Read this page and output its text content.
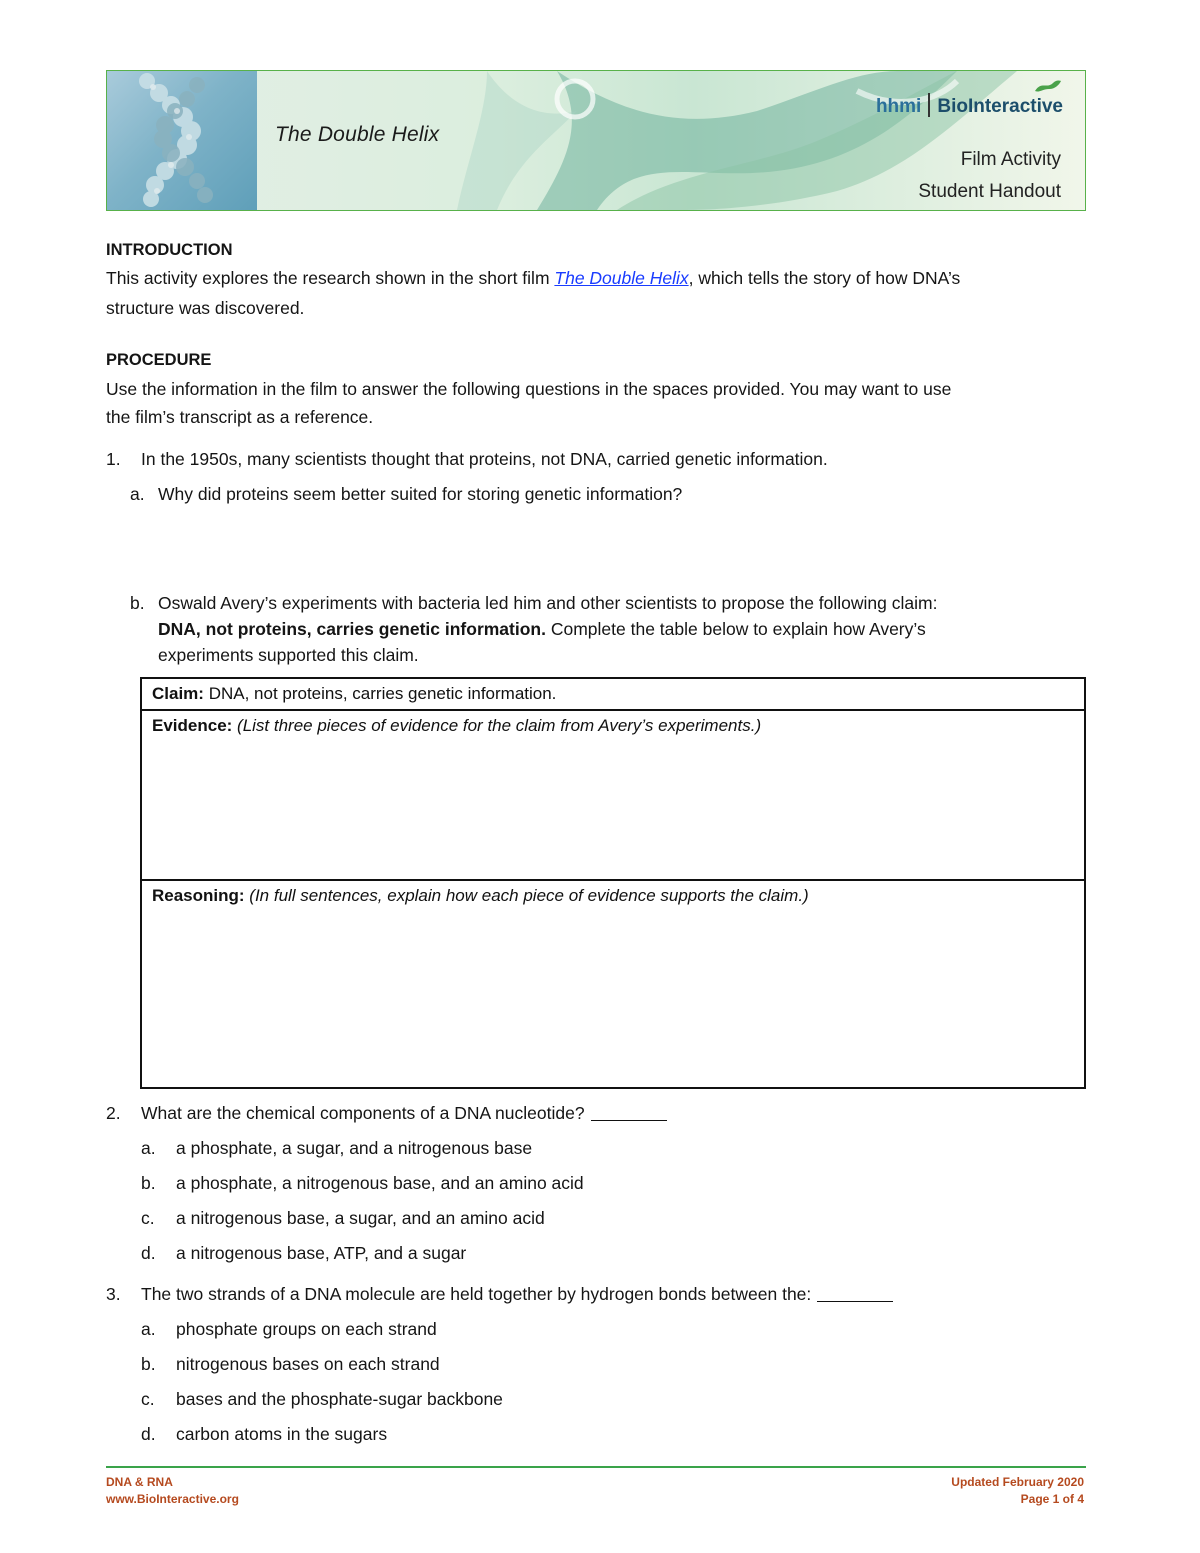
The Double Helix
hhmi BioInteractive
Film Activity
Student Handout
INTRODUCTION
This activity explores the research shown in the short film The Double Helix, which tells the story of how DNA’s
structure was discovered.
PROCEDURE
Use the information in the film to answer the following questions in the spaces provided. You may want to use
the film’s transcript as a reference.
1. In the 1950s, many scientists thought that proteins, not DNA, carried genetic information.
a. Why did proteins seem better suited for storing genetic information?
b. Oswald Avery’s experiments with bacteria led him and other scientists to propose the following claim:
DNA, not proteins, carries genetic information. Complete the table below to explain how Avery’s
experiments supported this claim.
Claim: DNA, not proteins, carries genetic information.
Evidence: (List three pieces of evidence for the claim from Avery’s experiments.)
Reasoning: (In full sentences, explain how each piece of evidence supports the claim.)
2. What are the chemical components of a DNA nucleotide?
a. a phosphate, a sugar, and a nitrogenous base
b. a phosphate, a nitrogenous base, and an amino acid
c. a nitrogenous base, a sugar, and an amino acid
d. a nitrogenous base, ATP, and a sugar
3. The two strands of a DNA molecule are held together by hydrogen bonds between the:
a. phosphate groups on each strand
b. nitrogenous bases on each strand
c. bases and the phosphate-sugar backbone
d. carbon atoms in the sugars
DNA & RNA
www.BioInteractive.org
Updated February 2020
Page 1 of 4
